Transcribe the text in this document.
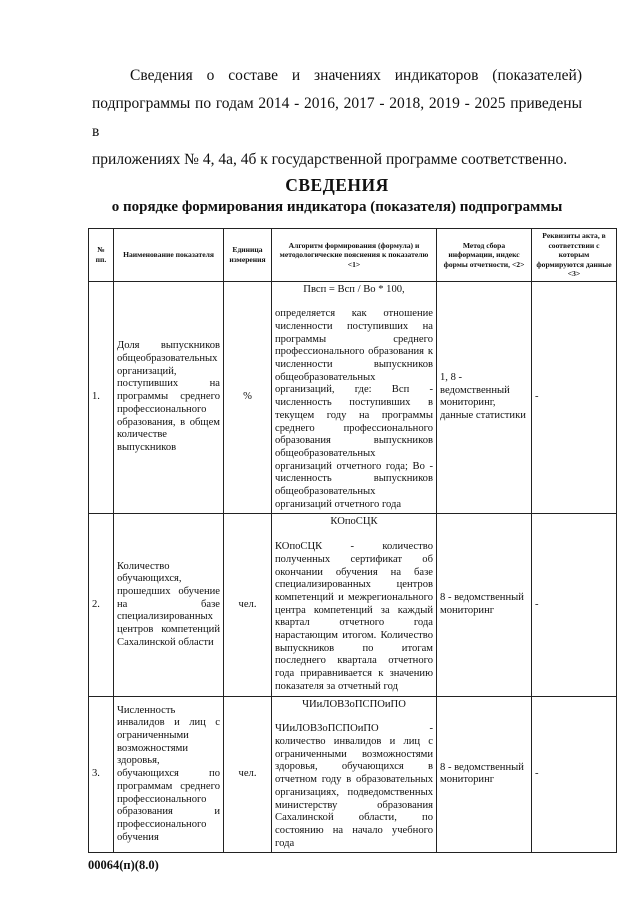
Сведения о составе и значениях индикаторов (показателей)
подпрограммы по годам 2014 - 2016, 2017 - 2018, 2019 - 2025 приведены в
приложениях № 4, 4а, 4б к государственной программе соответственно.
СВЕДЕНИЯ
о порядке формирования индикатора (показателя) подпрограммы
№ пп.	Наименование показателя	Единица измерения	Алгоритм формирования (формула) и методологические пояснения к показателю <1>	Метод сбора информации, индекс формы отчетности, <2>	Реквизиты акта, в соответствии с которым формируются данные <3>
1.	Доля выпускников общеобразовательных организаций, поступивших на программы среднего профессионального образования, в общем количестве выпускников	%	Пвсп = Всп / Во * 100,
определяется как отношение численности поступивших на программы среднего профессионального образования к численности выпускников общеобразовательных организаций, где: Всп - численность поступивших в текущем году на программы среднего профессионального образования выпускников общеобразовательных организаций отчетного года; Во - численность выпускников общеобразовательных организаций отчетного года	1, 8 - ведомственный мониторинг, данные статистики	-
2.	Количество обучающихся, прошедших обучение на базе специализированных центров компетенций Сахалинской области	чел.	КОпоСЦК
КОпоСЦК - количество полученных сертификат об окончании обучения на базе специализированных центров компетенций и межрегионального центра компетенций за каждый квартал отчетного года нарастающим итогом. Количество выпускников по итогам последнего квартала отчетного года приравнивается к значению показателя за отчетный год	8 - ведомственный мониторинг	-
3.	Численность инвалидов и лиц с ограниченными возможностями здоровья, обучающихся по программам среднего профессионального образования и профессионального обучения	чел.	ЧИиЛОВЗоПСПОиПО
ЧИиЛОВЗоПСПОиПО - количество инвалидов и лиц с ограниченными возможностями здоровья, обучающихся в отчетном году в образовательных организациях, подведомственных министерству образования Сахалинской области, по состоянию на начало учебного года	8 - ведомственный мониторинг	-
00064(п)(8.0)
